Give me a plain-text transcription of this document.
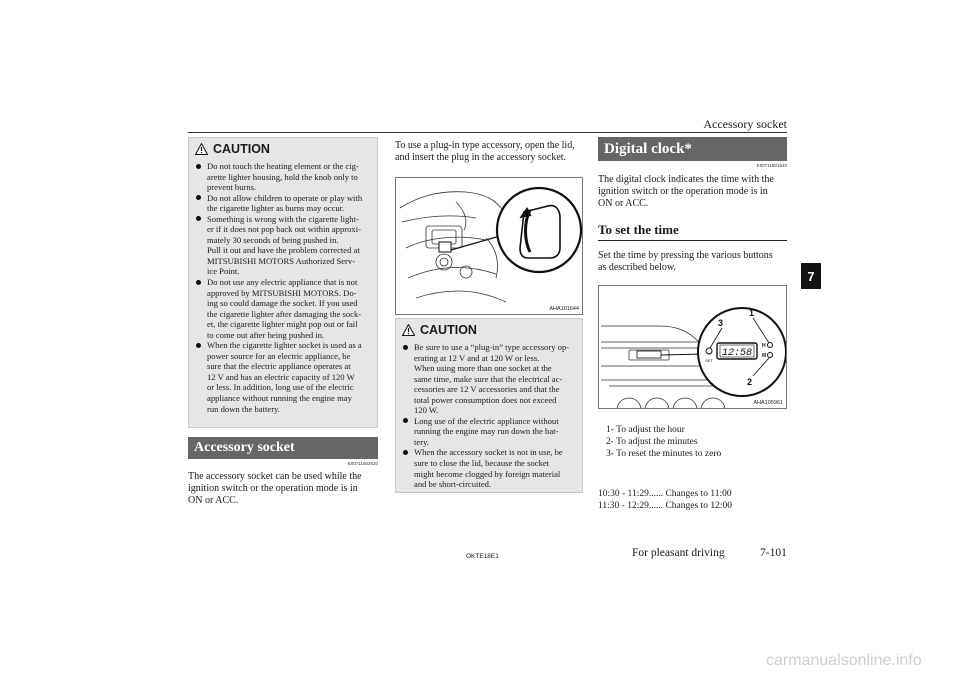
Accessory socket
7
CAUTION
Do not touch the heating element or the cig-
arette lighter housing, hold the knob only to
prevent burns.
Do not allow children to operate or play with
the cigarette lighter as burns may occur.
Something is wrong with the cigarette light-
er if it does not pop back out within approxi-
mately 30 seconds of being pushed in.
Pull it out and have the problem corrected at
MITSUBISHI MOTORS Authorized Serv-
ice Point.
Do not use any electric appliance that is not
approved by MITSUBISHI MOTORS. Do-
ing so could damage the socket. If you used
the cigarette lighter after damaging the sock-
et, the cigarette lighter might pop out or fail
to come out after being pushed in.
When the cigarette lighter socket is used as a
power source for an electric appliance, be
sure that the electric appliance operates at
12 V and has an electric capacity of 120 W
or less. In addition, long use of the electric
appliance without running the engine may
run down the battery.
Accessory socket
E00711602620
The accessory socket can be used while the
ignition switch or the operation mode is in
ON or ACC.
To use a plug-in type accessory, open the lid,
and insert the plug in the accessory socket.
AHA101644
CAUTION
Be sure to use a “plug-in” type accessory op-
erating at 12 V and at 120 W or less.
When using more than one socket at the
same time, make sure that the electrical ac-
cessories are 12 V accessories and that the
total power consumption does not exceed
120 W.
Long use of the electric appliance without
running the engine may run down the bat-
tery.
When the accessory socket is not in use, be
sure to close the lid, because the socket
might become clogged by foreign material
and be short-circuited.
Digital clock*
E00711801540
The digital clock indicates the time with the
ignition switch or the operation mode is in
ON or ACC.
To set the time
Set the time by pressing the various buttons
as described below.
12:58
SET
H
M
1
2
3
AHA105961
1- To adjust the hour
2- To adjust the minutes
3- To reset the minutes to zero
10:30 - 11:29...... Changes to 11:00
11:30 - 12:29...... Changes to 12:00
OKTE18E1	For pleasant driving	7-101
carmanualsonline.info
